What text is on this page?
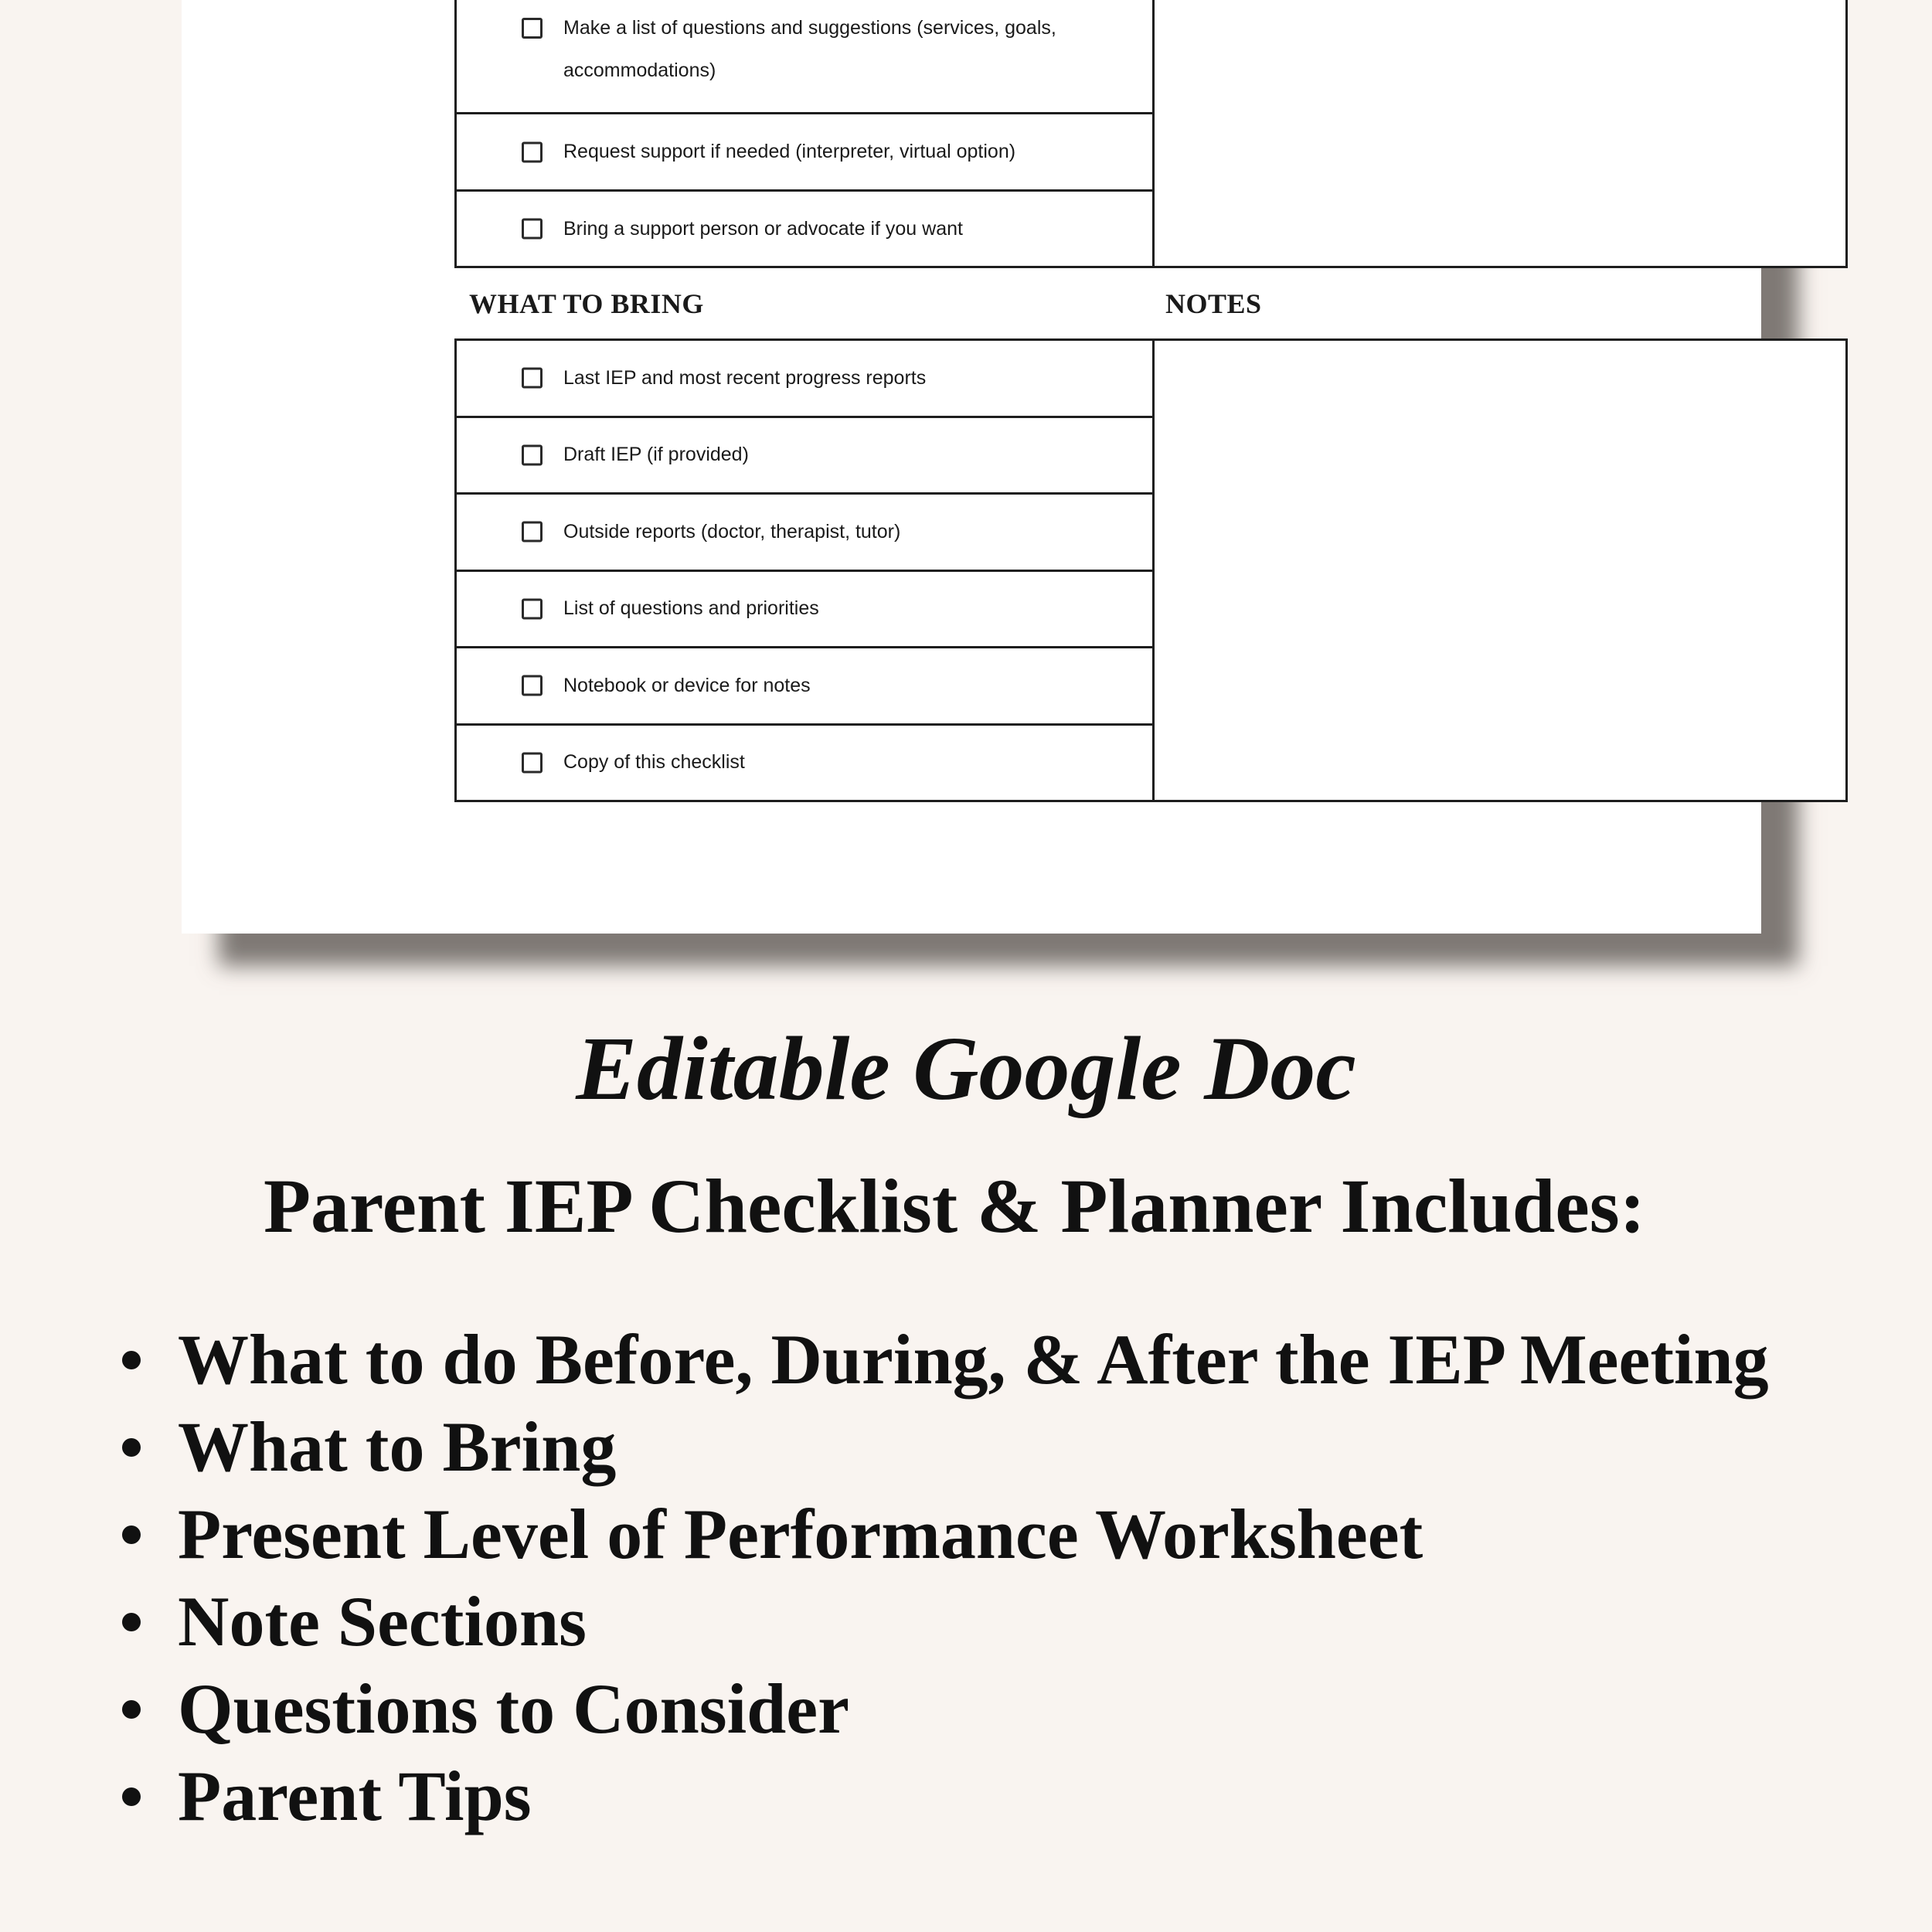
Make a list of questions and suggestions (services, goals, accommodations)
Request support if needed (interpreter, virtual option)
Bring a support person or advocate if you want
WHAT TO BRING	NOTES
Last IEP and most recent progress reports
Draft IEP (if provided)
Outside reports (doctor, therapist, tutor)
List of questions and priorities
Notebook or device for notes
Copy of this checklist
Editable Google Doc
Parent IEP Checklist & Planner Includes:
What to do Before, During, & After the IEP Meeting
What to Bring
Present Level of Performance Worksheet
Note Sections
Questions to Consider
Parent Tips
